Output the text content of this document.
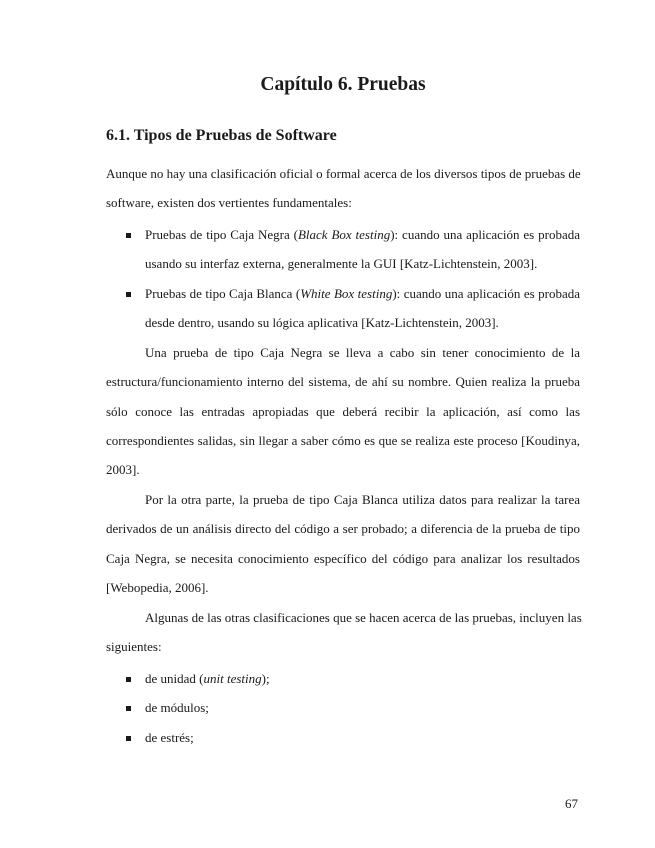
Capítulo 6. Pruebas
6.1. Tipos de Pruebas de Software
Aunque no hay una clasificación oficial o formal acerca de los diversos tipos de pruebas de
software, existen dos vertientes fundamentales:
Pruebas de tipo Caja Negra (Black Box testing): cuando una aplicación es probada
usando su interfaz externa, generalmente la GUI [Katz-Lichtenstein, 2003].
Pruebas de tipo Caja Blanca (White Box testing): cuando una aplicación es probada
desde dentro, usando su lógica aplicativa [Katz-Lichtenstein, 2003].
Una prueba de tipo Caja Negra se lleva a cabo sin tener conocimiento de la
estructura/funcionamiento interno del sistema, de ahí su nombre. Quien realiza la prueba
sólo conoce las entradas apropiadas que deberá recibir la aplicación, así como las
correspondientes salidas, sin llegar a saber cómo es que se realiza este proceso [Koudinya,
2003].
Por la otra parte, la prueba de tipo Caja Blanca utiliza datos para realizar la tarea
derivados de un análisis directo del código a ser probado; a diferencia de la prueba de tipo
Caja Negra, se necesita conocimiento específico del código para analizar los resultados
[Webopedia, 2006].
Algunas de las otras clasificaciones que se hacen acerca de las pruebas, incluyen las
siguientes:
de unidad (unit testing);
de módulos;
de estrés;
67
